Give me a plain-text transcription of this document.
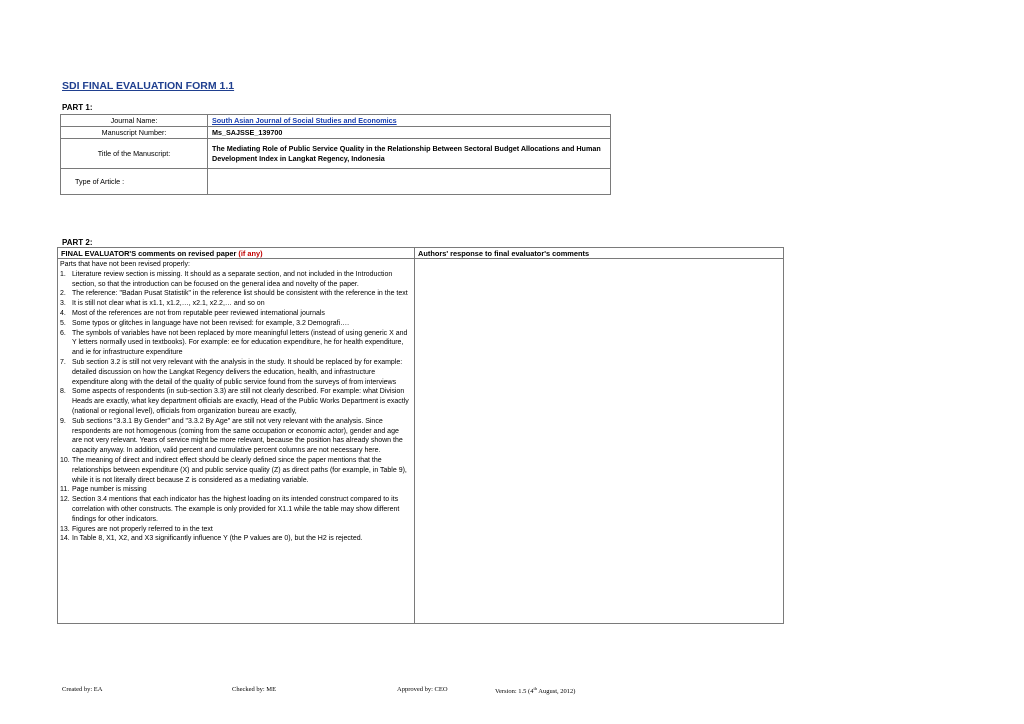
SDI FINAL EVALUATION FORM 1.1
PART 1:
Journal Name:	South Asian Journal of Social Studies and Economics
Manuscript Number:	Ms_SAJSSE_139700
Title of the Manuscript:	The Mediating Role of Public Service Quality in the Relationship Between Sectoral Budget Allocations and Human Development Index in Langkat Regency, Indonesia
Type of Article :	
PART 2:
FINAL EVALUATOR'S comments on revised paper (if any)	Authors' response to final evaluator's comments

Parts that have not been revised properly:

1. Literature review section is missing. It should as a separate section, and not included in the Introduction section, so that the introduction can be focused on the general idea and novelty of the paper.
2. The reference: "Badan Pusat Statistik" in the reference list should be consistent with the reference in the text
3. It is still not clear what is x1.1, x1.2,…, x2.1, x2.2,… and so on
4. Most of the references are not from reputable peer reviewed international journals
5. Some typos or glitches in language have not been revised: for example, 3.2 Demografi….
6. The symbols of variables have not been replaced by more meaningful letters (instead of using generic X and Y letters normally used in textbooks). For example: ee for education expenditure, he for health expenditure, and ie for infrastructure expenditure
7. Sub section 3.2 is still not very relevant with the analysis in the study. It should be replaced by for example: detailed discussion on how the Langkat Regency delivers the education, health, and infrastructure expenditure along with the detail of the quality of public service found from the surveys of from interviews
8. Some aspects of respondents (in sub-section 3.3) are still not clearly described. For example: what Division Heads are exactly, what key department officials are exactly, Head of the Public Works Department is exactly (national or regional level), officials from organization bureau are exactly,
9. Sub sections "3.3.1 By Gender" and "3.3.2 By Age" are still not very relevant with the analysis. Since respondents are not homogenous (coming from the same occupation or economic actor), gender and age are not very relevant. Years of service might be more relevant, because the position has already shown the capacity anyway. In addition, valid percent and cumulative percent columns are not necessary here.
10. The meaning of direct and indirect effect should be clearly defined since the paper mentions that the relationships between expenditure (X) and public service quality (Z) as direct paths (for example, in Table 9), while it is not literally direct because Z is considered as a mediating variable.
11. Page number is missing
12. Section 3.4 mentions that each indicator has the highest loading on its intended construct compared to its correlation with other constructs. The example is only provided for X1.1 while the table may show different findings for other indicators.
13. Figures are not properly referred to in the text
14. In Table 8, X1, X2, and X3 significantly influence Y (the P values are 0), but the H2 is rejected.
Created by: EA	Checked by: ME	Approved by: CEO	Version: 1.5 (4th August, 2012)
